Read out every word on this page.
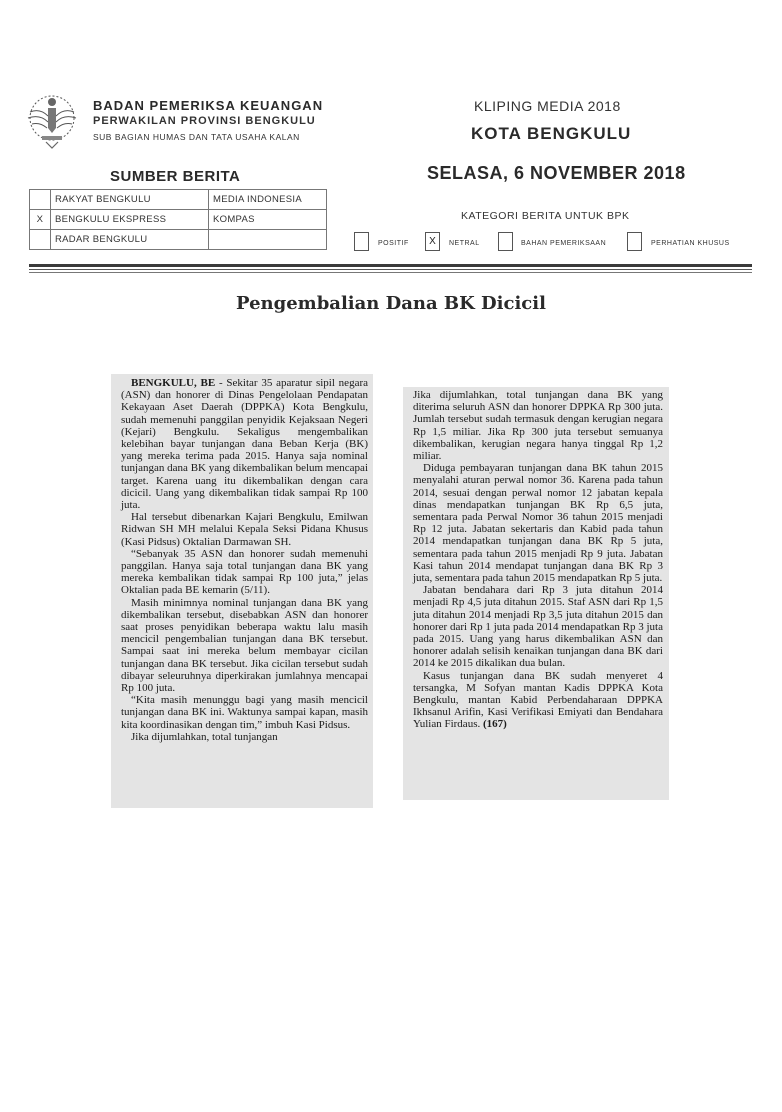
BADAN PEMERIKSA KEUANGAN
PERWAKILAN PROVINSI BENGKULU
SUB BAGIAN HUMAS DAN TATA USAHA KALAN
KLIPING MEDIA 2018
KOTA BENGKULU
SUMBER BERITA	SELASA, 6 NOVEMBER 2018
	RAKYAT BENGKULU	MEDIA INDONESIA
X	BENGKULU EKSPRESS	KOMPAS
	RADAR BENGKULU	
KATEGORI BERITA UNTUK BPK
POSITIF	X	NETRAL	BAHAN PEMERIKSAAN	PERHATIAN KHUSUS
Pengembalian Dana BK Dicicil

BENGKULU, BE - Sekitar 35 aparatur sipil negara (ASN) dan honorer di Dinas Pengelolaan Pendapatan Kekayaan Aset Daerah (DPPKA) Kota Bengkulu, sudah memenuhi panggilan penyidik Kejaksaan Negeri (Kejari) Bengkulu. Sekaligus mengembalikan kelebihan bayar tunjangan dana Beban Kerja (BK) yang mereka terima pada 2015. Hanya saja nominal tunjangan dana BK yang dikembalikan belum mencapai target. Karena uang itu dikembalikan dengan cara dicicil. Uang yang dikembalikan tidak sampai Rp 100 juta.

Hal tersebut dibenarkan Kajari Bengkulu, Emilwan Ridwan SH MH melalui Kepala Seksi Pidana Khusus (Kasi Pidsus) Oktalian Darmawan SH.

“Sebanyak 35 ASN dan honorer sudah memenuhi panggilan. Hanya saja total tunjangan dana BK yang mereka kembalikan tidak sampai Rp 100 juta,” jelas Oktalian pada BE kemarin (5/11).

Masih minimnya nominal tunjangan dana BK yang dikembalikan tersebut, disebabkan ASN dan honorer saat proses penyidikan beberapa waktu lalu masih mencicil pengembalian tunjangan dana BK tersebut. Sampai saat ini mereka belum membayar cicilan tunjangan dana BK tersebut. Jika cicilan tersebut sudah dibayar seleuruhnya diperkirakan jumlahnya mencapai Rp 100 juta.

“Kita masih menunggu bagi yang masih mencicil tunjangan dana BK ini. Waktunya sampai kapan, masih kita koordinasikan dengan tim,” imbuh Kasi Pidsus.

Jika dijumlahkan, total tunjangan

Jika dijumlahkan, total tunjangan dana BK yang diterima seluruh ASN dan honorer DPPKA Rp 300 juta. Jumlah tersebut sudah termasuk dengan kerugian negara Rp 1,5 miliar. Jika Rp 300 juta tersebut semuanya dikembalikan, kerugian negara hanya tinggal Rp 1,2 miliar.

Diduga pembayaran tunjangan dana BK tahun 2015 menyalahi aturan perwal nomor 36. Karena pada tahun 2014, sesuai dengan perwal nomor 12 jabatan kepala dinas mendapatkan tunjangan BK Rp 6,5 juta, sementara pada Perwal Nomor 36 tahun 2015 menjadi Rp 12 juta. Jabatan sekertaris dan Kabid pada tahun 2014 mendapatkan tunjangan dana BK Rp 5 juta, sementara pada tahun 2015 menjadi Rp 9 juta. Jabatan Kasi tahun 2014 mendapat tunjangan dana BK Rp 3 juta, sementara pada tahun 2015 mendapatkan Rp 5 juta.

Jabatan bendahara dari Rp 3 juta ditahun 2014 menjadi Rp 4,5 juta ditahun 2015. Staf ASN dari Rp 1,5 juta ditahun 2014 menjadi Rp 3,5 juta ditahun 2015 dan honorer dari Rp 1 juta pada 2014 mendapatkan Rp 3 juta pada 2015. Uang yang harus dikembalikan ASN dan honorer adalah selisih kenaikan tunjangan dana BK dari 2014 ke 2015 dikalikan dua bulan.

Kasus tunjangan dana BK sudah menyeret 4 tersangka, M Sofyan mantan Kadis DPPKA Kota Bengkulu, mantan Kabid Perbendaharaan DPPKA Ikhsanul Arifin, Kasi Verifikasi Emiyati dan Bendahara Yulian Firdaus. (167)
